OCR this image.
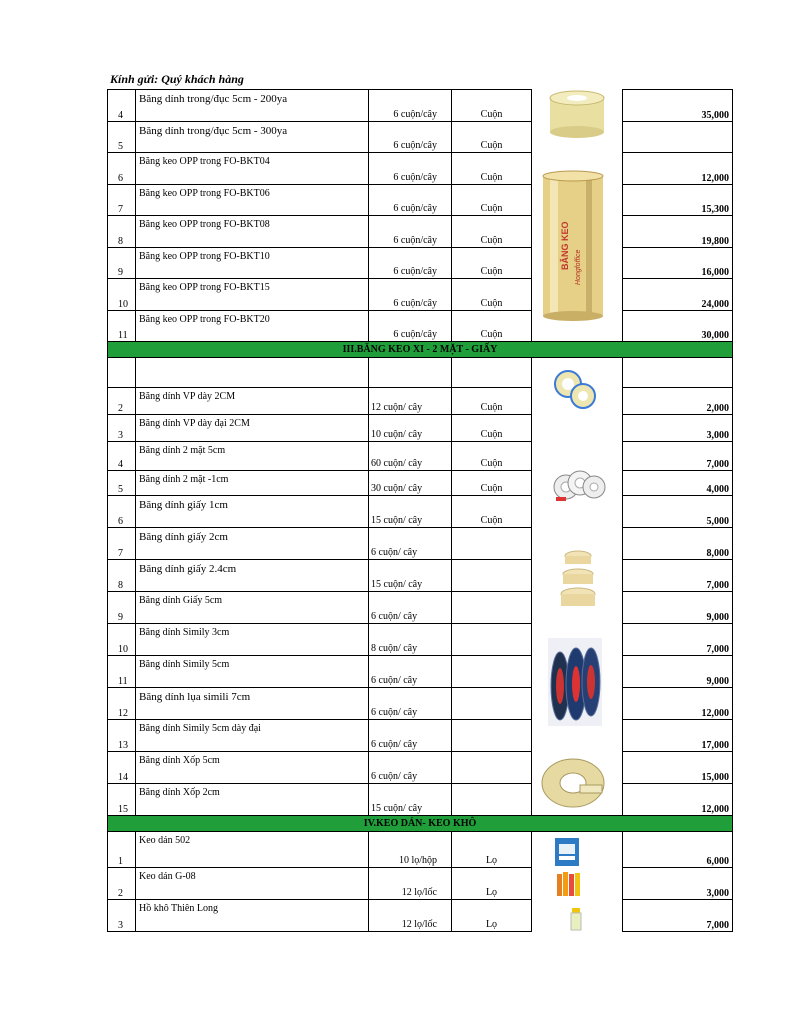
Kính gửi: Quý khách hàng
4	Băng dính trong/đục 5cm - 200ya	6 cuộn/cây	Cuộn		35,000
5	Băng dính trong/đục 5cm - 300ya	6 cuộn/cây	Cuộn		
6	Băng keo OPP trong FO-BKT04	6 cuộn/cây	Cuộn		12,000
7	Băng keo OPP trong FO-BKT06	6 cuộn/cây	Cuộn		15,300
8	Băng keo OPP trong FO-BKT08	6 cuộn/cây	Cuộn		19,800
9	Băng keo OPP trong FO-BKT10	6 cuộn/cây	Cuộn		16,000
10	Băng keo OPP trong FO-BKT15	6 cuộn/cây	Cuộn		24,000
11	Băng keo OPP trong FO-BKT20	6 cuộn/cây	Cuộn		30,000
III.BĂNG KEO XI - 2 MẶT - GIẤY					

2	Băng dính VP dày 2CM	12 cuộn/ cây	Cuộn		2,000
3	Băng dính VP dày đại 2CM	10 cuộn/ cây	Cuộn		3,000
4	Băng dính 2 mặt 5cm	60 cuộn/ cây	Cuộn		7,000
5	Băng dính 2 mặt -1cm	30 cuộn/ cây	Cuộn		4,000
6	Băng dính giấy 1cm	15 cuộn/ cây	Cuộn		5,000
7	Băng dính giấy 2cm	6 cuộn/ cây			8,000
8	Băng dính giấy 2.4cm	15 cuộn/ cây			7,000
9	Băng dính Giấy 5cm	6 cuộn/ cây			9,000
10	Băng dính Simily 3cm	8 cuộn/ cây			7,000
11	Băng dính Simily 5cm	6 cuộn/ cây			9,000
12	Băng dính lụa simili 7cm	6 cuộn/ cây			12,000
13	Băng dính Simily 5cm dày đại	6 cuộn/ cây			17,000
14	Băng dính Xốp 5cm	6 cuộn/ cây			15,000
15	Băng dính Xốp 2cm	15 cuộn/ cây			12,000
IV.KEO DÁN- KEO KHÔ					
1	Keo dán 502	10 lọ/hộp	Lọ		6,000
2	Keo dán G-08	12 lọ/lốc	Lọ		3,000
3	Hồ khô Thiên Long	12 lọ/lốc	Lọ		7,000
BĂNG KEO Hongfoffice
